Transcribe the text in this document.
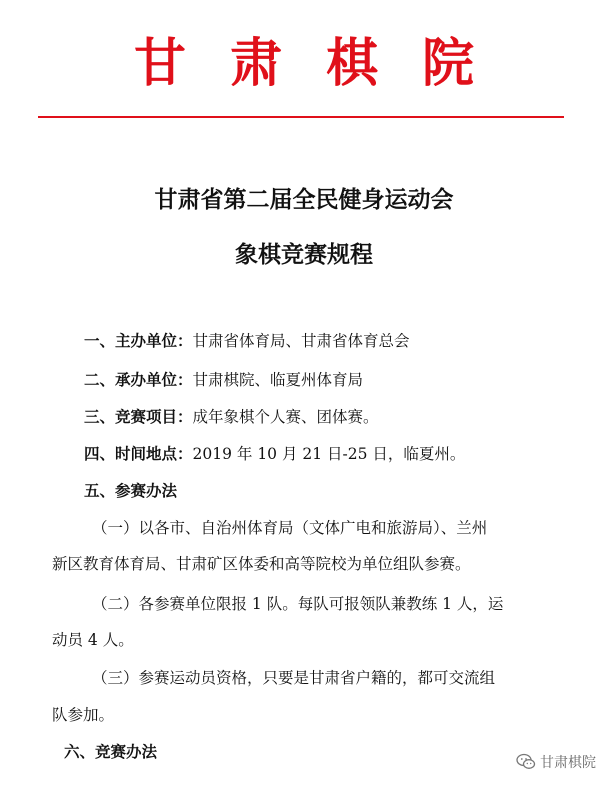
甘肃棋院
甘肃省第二届全民健身运动会
象棋竞赛规程
一、主办单位：甘肃省体育局、甘肃省体育总会
二、承办单位：甘肃棋院、临夏州体育局
三、竞赛项目：成年象棋个人赛、团体赛。
四、时间地点：2019 年 10 月 21 日-25 日，临夏州。
五、参赛办法
（一）以各市、自治州体育局（文体广电和旅游局）、兰州
新区教育体育局、甘肃矿区体委和高等院校为单位组队参赛。
（二）各参赛单位限报 1 队。每队可报领队兼教练 1 人，运
动员 4 人。
（三）参赛运动员资格，只要是甘肃省户籍的，都可交流组
队参加。
六、竞赛办法
甘肃棋院
